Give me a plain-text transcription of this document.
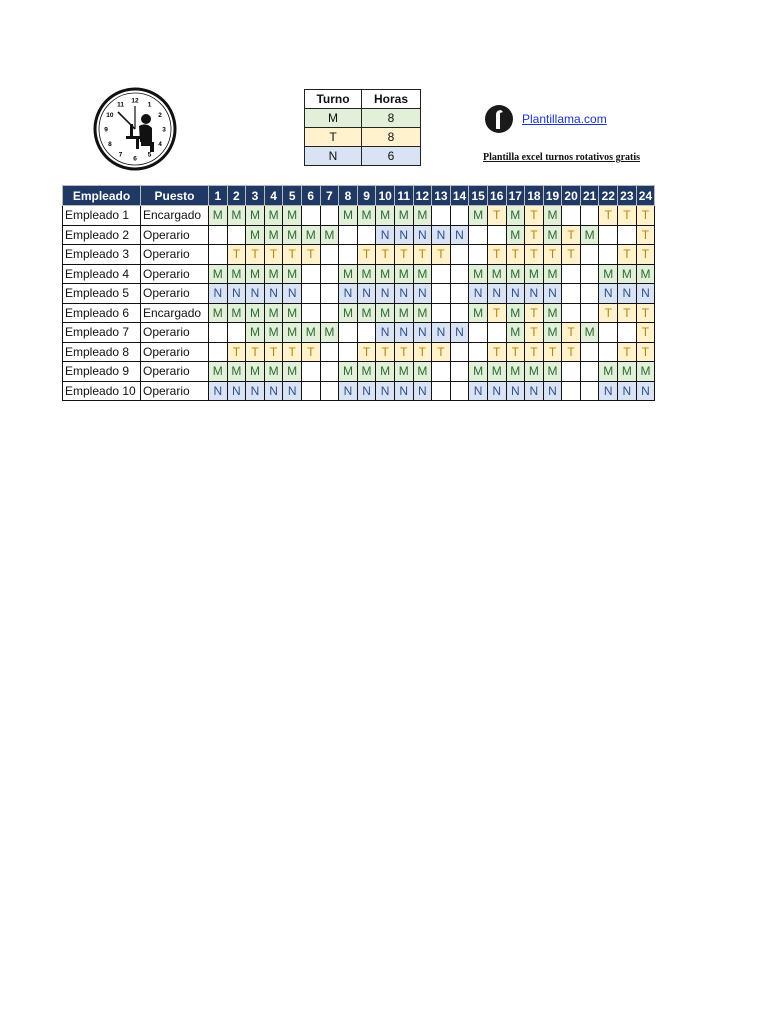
12
1
2
3
4
5
6
7
8
9
10
11	Turno	Horas
M	8
T	8
N	6
Plantillama.com
Plantilla excel turnos rotativos gratis
Empleado	Puesto	1	2	3	4	5	6	7	8	9	10	11	12	13	14	15	16	17	18	19	20	21	22	23	24
Empleado 1	Encargado	M	M	M	M	M			M	M	M	M	M			M	T	M	T	M			T	T	T
Empleado 2	Operario			M	M	M	M	M			N	N	N	N	N			M	T	M	T	M			T
Empleado 3	Operario		T	T	T	T	T			T	T	T	T	T			T	T	T	T	T			T	T
Empleado 4	Operario	M	M	M	M	M			M	M	M	M	M			M	M	M	M	M			M	M	M
Empleado 5	Operario	N	N	N	N	N			N	N	N	N	N			N	N	N	N	N			N	N	N
Empleado 6	Encargado	M	M	M	M	M			M	M	M	M	M			M	T	M	T	M			T	T	T
Empleado 7	Operario			M	M	M	M	M			N	N	N	N	N			M	T	M	T	M			T
Empleado 8	Operario		T	T	T	T	T			T	T	T	T	T			T	T	T	T	T			T	T
Empleado 9	Operario	M	M	M	M	M			M	M	M	M	M			M	M	M	M	M			M	M	M
Empleado 10	Operario	N	N	N	N	N			N	N	N	N	N			N	N	N	N	N			N	N	N
